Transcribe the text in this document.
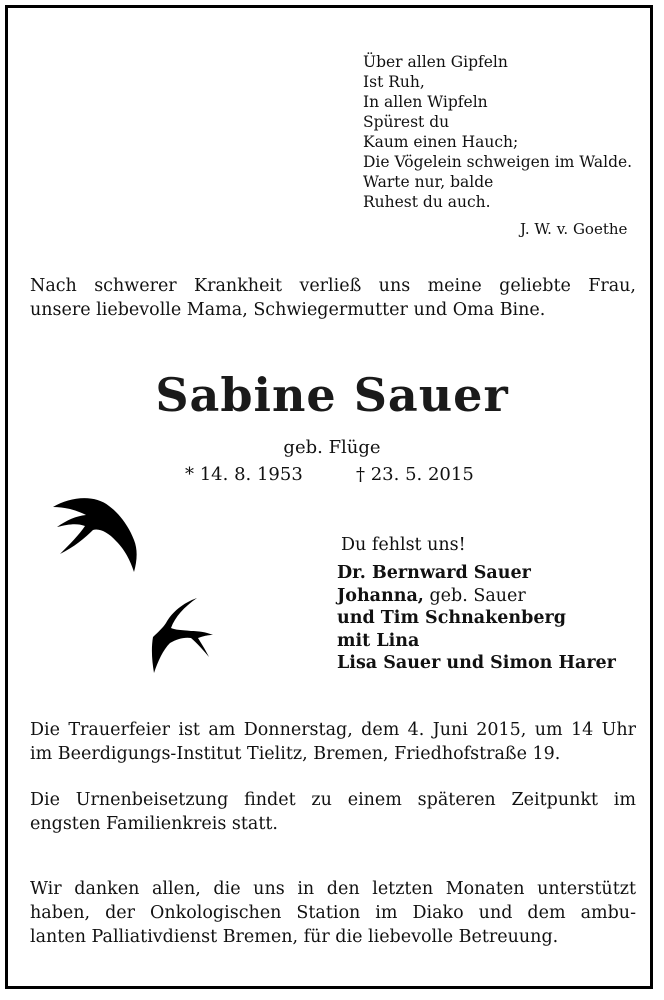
Über allen Gipfeln
Ist Ruh,
In allen Wipfeln
Spürest du
Kaum einen Hauch;
Die Vögelein schweigen im Walde.
Warte nur, balde
Ruhest du auch.
J. W. v. Goethe
Nach schwerer Krankheit verließ uns meine geliebte Frau,
unsere liebevolle Mama, Schwiegermutter und Oma Bine.
Sabine Sauer
geb. Flüge
* 14. 8. 1953	† 23. 5. 2015
Du fehlst uns!
Dr. Bernward Sauer
Johanna, geb. Sauer
und Tim Schnakenberg
mit Lina
Lisa Sauer und Simon Harer
Die Trauerfeier ist am Donnerstag, dem 4. Juni 2015, um 14 Uhr
im Beerdigungs-Institut Tielitz, Bremen, Friedhofstraße 19.
Die Urnenbeisetzung findet zu einem späteren Zeitpunkt im
engsten Familienkreis statt.
Wir danken allen, die uns in den letzten Monaten unterstützt
haben, der Onkologischen Station im Diako und dem ambu-
lanten Palliativdienst Bremen, für die liebevolle Betreuung.
